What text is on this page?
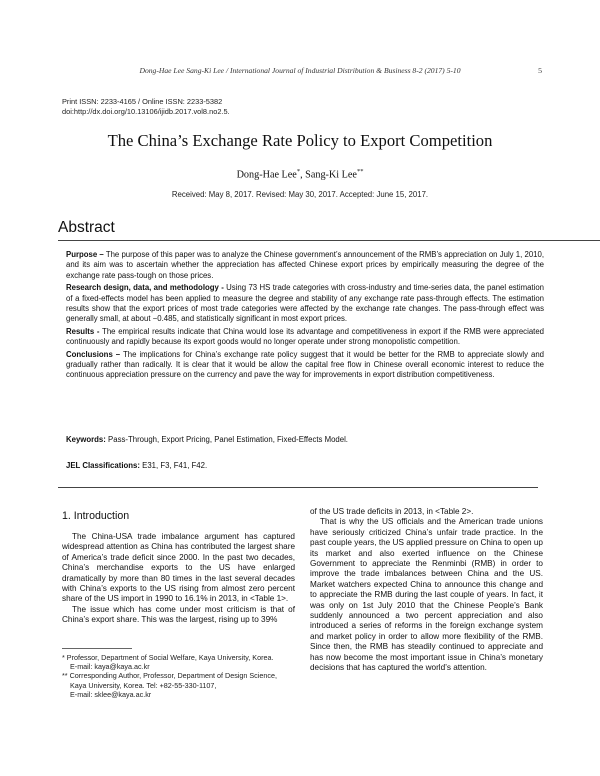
Dong-Hae Lee Sang-Ki Lee / International Journal of Industrial Distribution & Business 8-2 (2017) 5-10	5
Print ISSN: 2233-4165 / Online ISSN: 2233-5382
doi:http://dx.doi.org/10.13106/ijidb.2017.vol8.no2.5.
The China’s Exchange Rate Policy to Export Competition
Dong-Hae Lee*, Sang-Ki Lee**
Received: May 8, 2017. Revised: May 30, 2017. Accepted: June 15, 2017.
Abstract

Purpose – The purpose of this paper was to analyze the Chinese government’s announcement of the RMB’s appreciation on July 1, 2010, and its aim was to ascertain whether the appreciation has affected Chinese export prices by empirically measuring the degree of the exchange rate pass-tough on those prices.

Research design, data, and methodology - Using 73 HS trade categories with cross-industry and time-series data, the panel estimation of a fixed-effects model has been applied to measure the degree and stability of any exchange rate pass-through effects. The estimation results show that the export prices of most trade categories were affected by the exchange rate changes. The pass-through effect was generally small, at about −0.485, and statistically significant in most export prices.

Results - The empirical results indicate that China would lose its advantage and competitiveness in export if the RMB were appreciated continuously and rapidly because its export goods would no longer operate under strong monopolistic competition.

Conclusions – The implications for China’s exchange rate policy suggest that it would be better for the RMB to appreciate slowly and gradually rather than radically. It is clear that it would be allow the capital free flow in Chinese overall economic interest to reduce the continuous appreciation pressure on the currency and pave the way for improvements in export distribution competitiveness.

Keywords: Pass-Through, Export Pricing, Panel Estimation, Fixed-Effects Model.
JEL Classifications: E31, F3, F41, F42.
1. Introduction

The China-USA trade imbalance argument has captured widespread attention as China has contributed the largest share of America’s trade deficit since 2000. In the past two decades, China’s merchandise exports to the US have enlarged dramatically by more than 80 times in the last several decades with China’s exports to the US rising from almost zero percent share of the US import in 1990 to 16.1% in 2013, in <Table 1>.

The issue which has come under most criticism is that of China’s export share. This was the largest, rising up to 39%

of the US trade deficits in 2013, in <Table 2>.

That is why the US officials and the American trade unions have seriously criticized China’s unfair trade practice. In the past couple years, the US applied pressure on China to open up its market and also exerted influence on the Chinese Government to appreciate the Renminbi (RMB) in order to improve the trade imbalances between China and the US. Market watchers expected China to announce this change and to appreciate the RMB during the last couple of years. In fact, it was only on 1st July 2010 that the Chinese People’s Bank suddenly announced a two percent appreciation and also introduced a series of reforms in the foreign exchange system and market policy in order to allow more flexibility of the RMB. Since then, the RMB has steadily continued to appreciate and has now become the most important issue in China’s monetary decisions that has captured the world’s attention.

* Professor, Department of Social Welfare, Kaya University, Korea.

E-mail: kaya@kaya.ac.kr

** Corresponding Author, Professor, Department of Design Science, Kaya University, Korea. Tel: +82-55-330-1107,

E-mail: sklee@kaya.ac.kr
